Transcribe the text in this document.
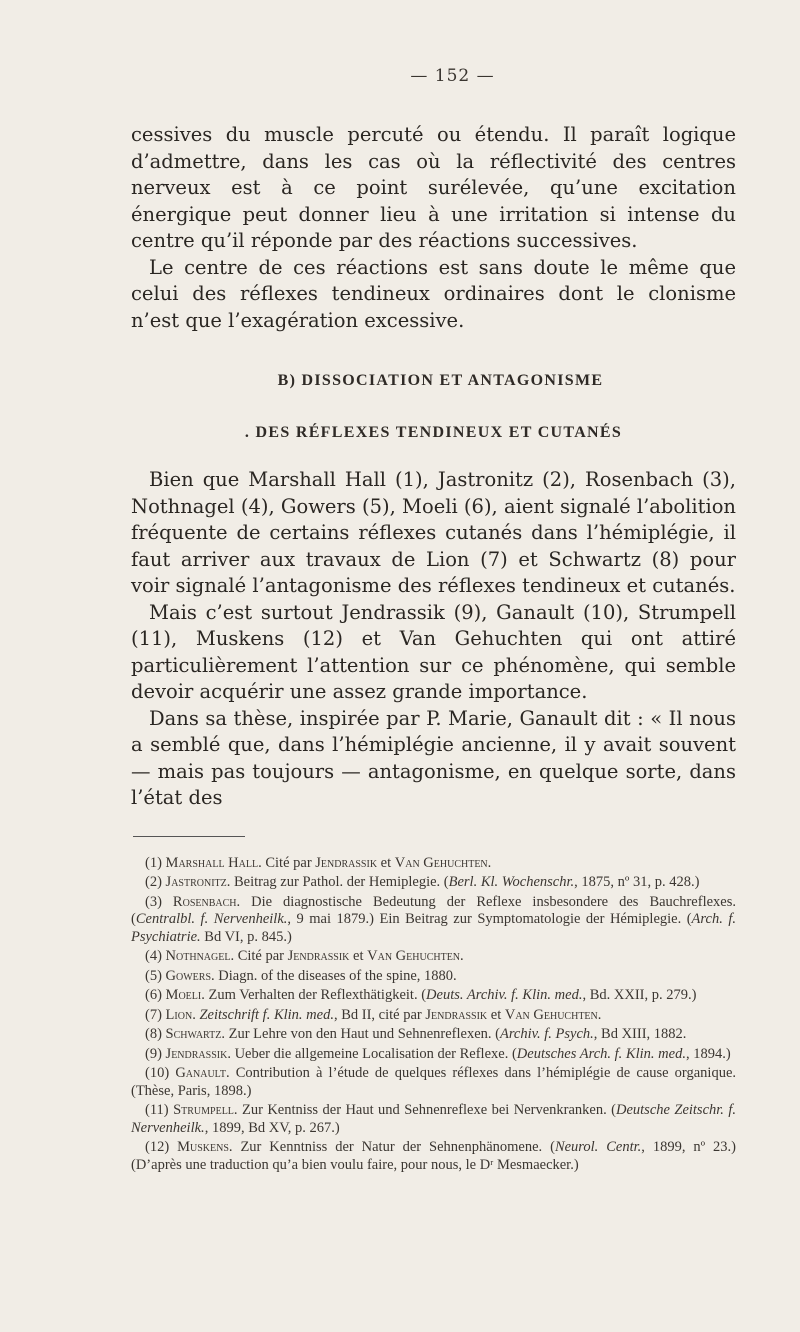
— 152 —

cessives du muscle percuté ou étendu. Il paraît logique d’admettre, dans les cas où la réflectivité des centres nerveux est à ce point surélevée, qu’une excitation énergique peut donner lieu à une irritation si intense du centre qu’il réponde par des réactions successives.

Le centre de ces réactions est sans doute le même que celui des réflexes tendineux ordinaires dont le clonisme n’est que l’exagération excessive.

B) DISSOCIATION ET ANTAGONISME
. DES RÉFLEXES TENDINEUX ET CUTANÉS

Bien que Marshall Hall (1), Jastronitz (2), Rosenbach (3), Nothnagel (4), Gowers (5), Moeli (6), aient signalé l’abolition fréquente de certains réflexes cutanés dans l’hémiplégie, il faut arriver aux travaux de Lion (7) et Schwartz (8) pour voir signalé l’antagonisme des réflexes tendineux et cutanés.

Mais c’est surtout Jendrassik (9), Ganault (10), Strumpell (11), Muskens (12) et Van Gehuchten qui ont attiré particulièrement l’attention sur ce phénomène, qui semble devoir acquérir une assez grande importance.

Dans sa thèse, inspirée par P. Marie, Ganault dit : « Il nous a semblé que, dans l’hémiplégie ancienne, il y avait souvent — mais pas toujours — antagonisme, en quelque sorte, dans l’état des

(1) Marshall Hall. Cité par Jendrassik et Van Gehuchten.

(2) Jastronitz. Beitrag zur Pathol. der Hemiplegie. (Berl. Kl. Wochenschr., 1875, nº 31, p. 428.)

(3) Rosenbach. Die diagnostische Bedeutung der Reflexe insbesondere des Bauchreflexes. (Centralbl. f. Nervenheilk., 9 mai 1879.) Ein Beitrag zur Symptomatologie der Hémiplegie. (Arch. f. Psychiatrie. Bd VI, p. 845.)

(4) Nothnagel. Cité par Jendrassik et Van Gehuchten.

(5) Gowers. Diagn. of the diseases of the spine, 1880.

(6) Moeli. Zum Verhalten der Reflexthätigkeit. (Deuts. Archiv. f. Klin. med., Bd. XXII, p. 279.)

(7) Lion. Zeitschrift f. Klin. med., Bd II, cité par Jendrassik et Van Gehuchten.

(8) Schwartz. Zur Lehre von den Haut und Sehnenreflexen. (Archiv. f. Psych., Bd XIII, 1882.

(9) Jendrassik. Ueber die allgemeine Localisation der Reflexe. (Deutsches Arch. f. Klin. med., 1894.)

(10) Ganault. Contribution à l’étude de quelques réflexes dans l’hémiplégie de cause organique. (Thèse, Paris, 1898.)

(11) Strumpell. Zur Kentniss der Haut und Sehnenreflexe bei Nervenkranken. (Deutsche Zeitschr. f. Nervenheilk., 1899, Bd XV, p. 267.)

(12) Muskens. Zur Kenntniss der Natur der Sehnenphänomene. (Neurol. Centr., 1899, nº 23.) (D’après une traduction qu’a bien voulu faire, pour nous, le Dʳ Mesmaecker.)
